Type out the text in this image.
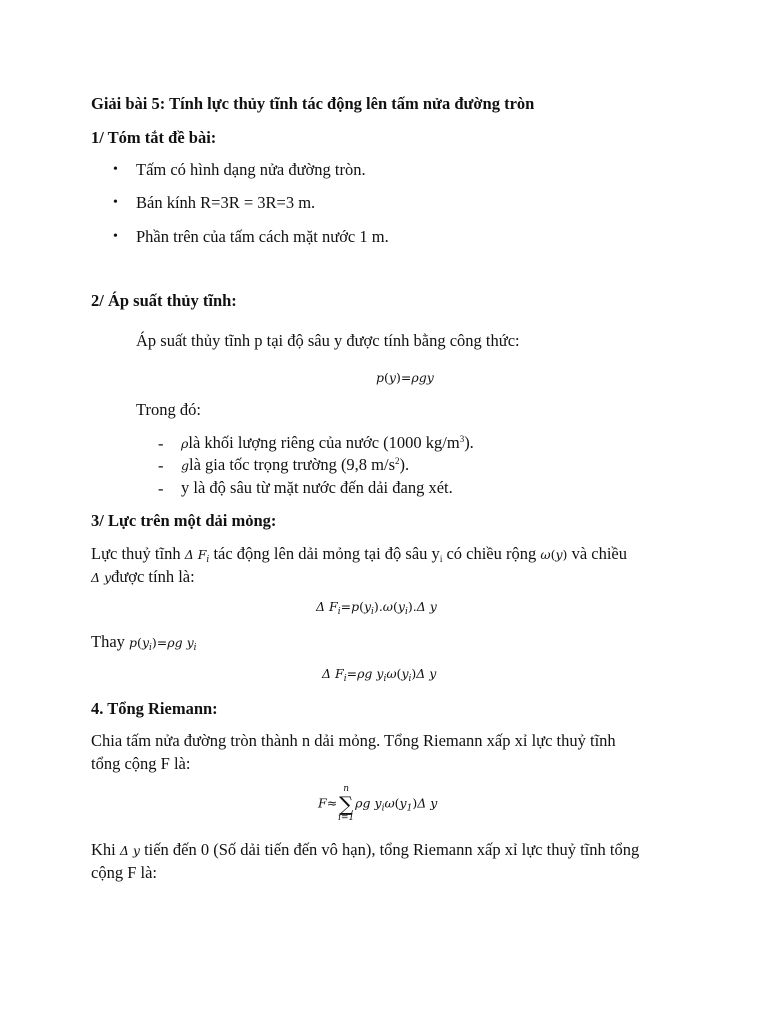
Giải bài 5: Tính lực thủy tĩnh tác động lên tấm nửa đường tròn
1/ Tóm tắt đề bài:
• Tấm có hình dạng nửa đường tròn.
• Bán kính R=3R = 3R=3 m.
• Phần trên của tấm cách mặt nước 1 m.
2/ Áp suất thủy tĩnh:
Áp suất thủy tĩnh p tại độ sâu y được tính bằng công thức:
p(y)=ρgy
Trong đó:
- ρlà khối lượng riêng của nước (1000 $kg/m^3$).
- glà gia tốc trọng trường (9,8 $m/s^2$).
- y là độ sâu từ mặt nước đến dải đang xét.
3/ Lực trên một dải mỏng:
Lực thuỷ tĩnh Δ $F_i$ tác động lên dải mỏng tại độ sâu $y_i$ có chiều rộng ω(y) và chiều
Δ yđược tính là:
Δ $F_i=p(y_i).\omega(y_i).\Delta$ y
Thay $p(y_i)=\rho g$ $y_i$
Δ $F_i=\rho g$ $y_i\omega(y_i)\Delta$ y
4. Tổng Riemann:
Chia tấm nửa đường tròn thành n dải mỏng. Tổng Riemann xấp xỉ lực thuỷ tĩnh
tổng cộng F là:
F≈
n
∑
i=1
ρg $y_i\omega(y_1)\Delta$ y
Khi Δ y tiến đến 0 (Số dải tiến đến vô hạn), tổng Riemann xấp xỉ lực thuỷ tĩnh tổng
cộng F là:
